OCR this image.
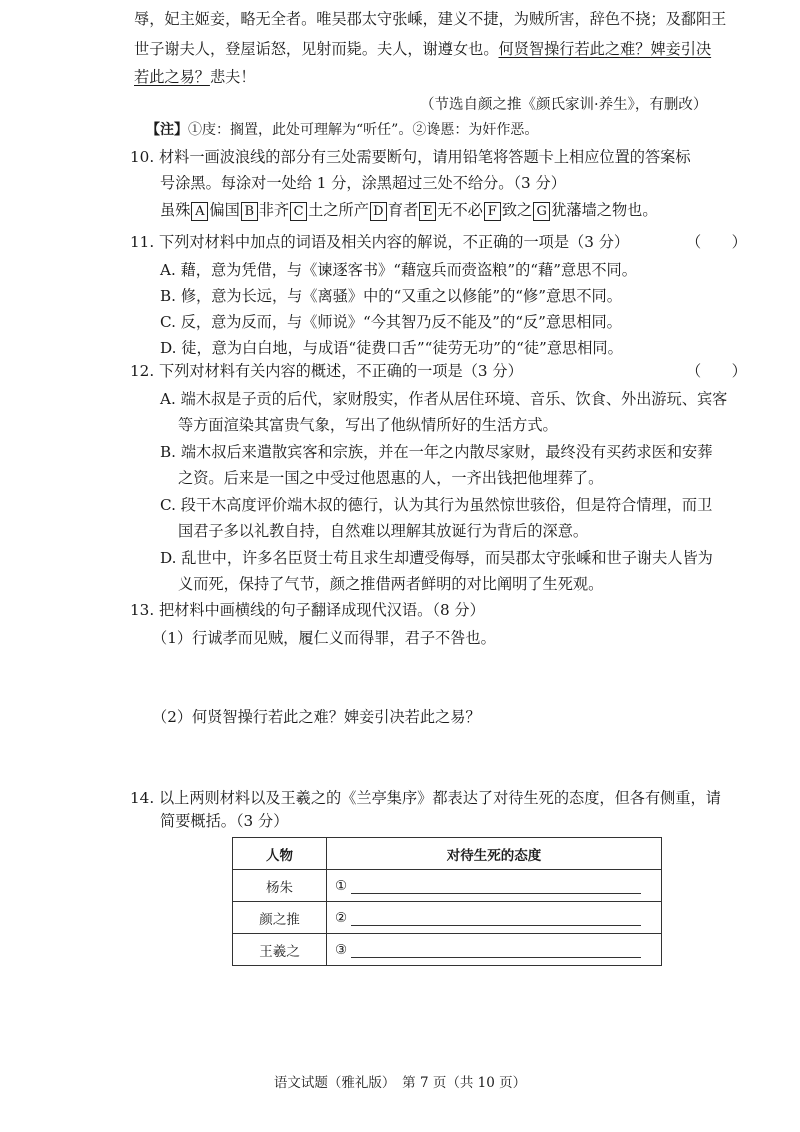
辱，妃主姬妾，略无全者。唯吴郡太守张嵊，建义不捷，为贼所害，辞色不挠；及鄱阳王
世子谢夫人，登屋诟怒，见射而毙。夫人，谢遵女也。何贤智操行若此之难？婢妾引决
若此之易？悲夫！
（节选自颜之推《颜氏家训·养生》，有删改）
【注】①庋：搁置，此处可理解为“听任”。②谗慝：为奸作恶。
10. 材料一画波浪线的部分有三处需要断句，请用铅笔将答题卡上相应位置的答案标
号涂黑。每涂对一处给 1 分，涂黑超过三处不给分。（3 分）
虽殊 A 偏国 B 非齐 C 土之所产 D 育者 E 无不必 F 致之 G 犹藩墙之物也。
11. 下列对材料中加点的词语及相关内容的解说，不正确的一项是（3 分）	（　　）
A. 藉，意为凭借，与《谏逐客书》“藉寇兵而赍盗粮”的“藉”意思不同。
B. 修，意为长远，与《离骚》中的“又重之以修能”的“修”意思不同。
C. 反，意为反而，与《师说》“今其智乃反不能及”的“反”意思相同。
D. 徒，意为白白地，与成语“徒费口舌”“徒劳无功”的“徒”意思相同。
12. 下列对材料有关内容的概述，不正确的一项是（3 分）	（　　）
A. 端木叔是子贡的后代，家财殷实，作者从居住环境、音乐、饮食、外出游玩、宾客
等方面渲染其富贵气象，写出了他纵情所好的生活方式。
B. 端木叔后来遣散宾客和宗族，并在一年之内散尽家财，最终没有买药求医和安葬
之资。后来是一国之中受过他恩惠的人，一齐出钱把他埋葬了。
C. 段干木高度评价端木叔的德行，认为其行为虽然惊世骇俗，但是符合情理，而卫
国君子多以礼教自持，自然难以理解其放诞行为背后的深意。
D. 乱世中，许多名臣贤士苟且求生却遭受侮辱，而吴郡太守张嵊和世子谢夫人皆为
义而死，保持了气节，颜之推借两者鲜明的对比阐明了生死观。
13. 把材料中画横线的句子翻译成现代汉语。（8 分）
（1）行诚孝而见贼，履仁义而得罪，君子不咎也。
（2）何贤智操行若此之难？婢妾引决若此之易？
14. 以上两则材料以及王羲之的《兰亭集序》都表达了对待生死的态度，但各有侧重，请
简要概括。（3 分）
人物	对待生死的态度
杨朱	①
颜之推	②
王羲之	③
语文试题（雅礼版）　第 7 页（共 10 页）
